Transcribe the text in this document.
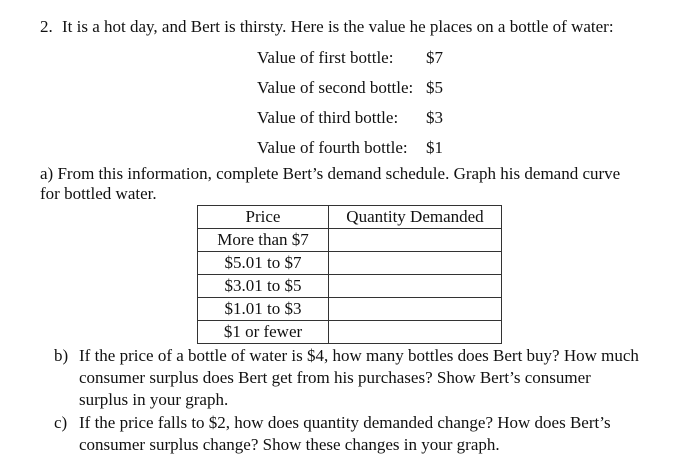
2. It is a hot day, and Bert is thirsty. Here is the value he places on a bottle of water:
Value of first bottle: $7
Value of second bottle: $5
Value of third bottle: $3
Value of fourth bottle: $1
a) From this information, complete Bert’s demand schedule. Graph his demand curve
for bottled water.
Price	Quantity Demanded
More than $7	
$5.01 to $7	
$3.01 to $5	
$1.01 to $3	
$1 or fewer	
b) If the price of a bottle of water is $4, how many bottles does Bert buy? How much
consumer surplus does Bert get from his purchases? Show Bert’s consumer
surplus in your graph.
c) If the price falls to $2, how does quantity demanded change? How does Bert’s
consumer surplus change? Show these changes in your graph.
